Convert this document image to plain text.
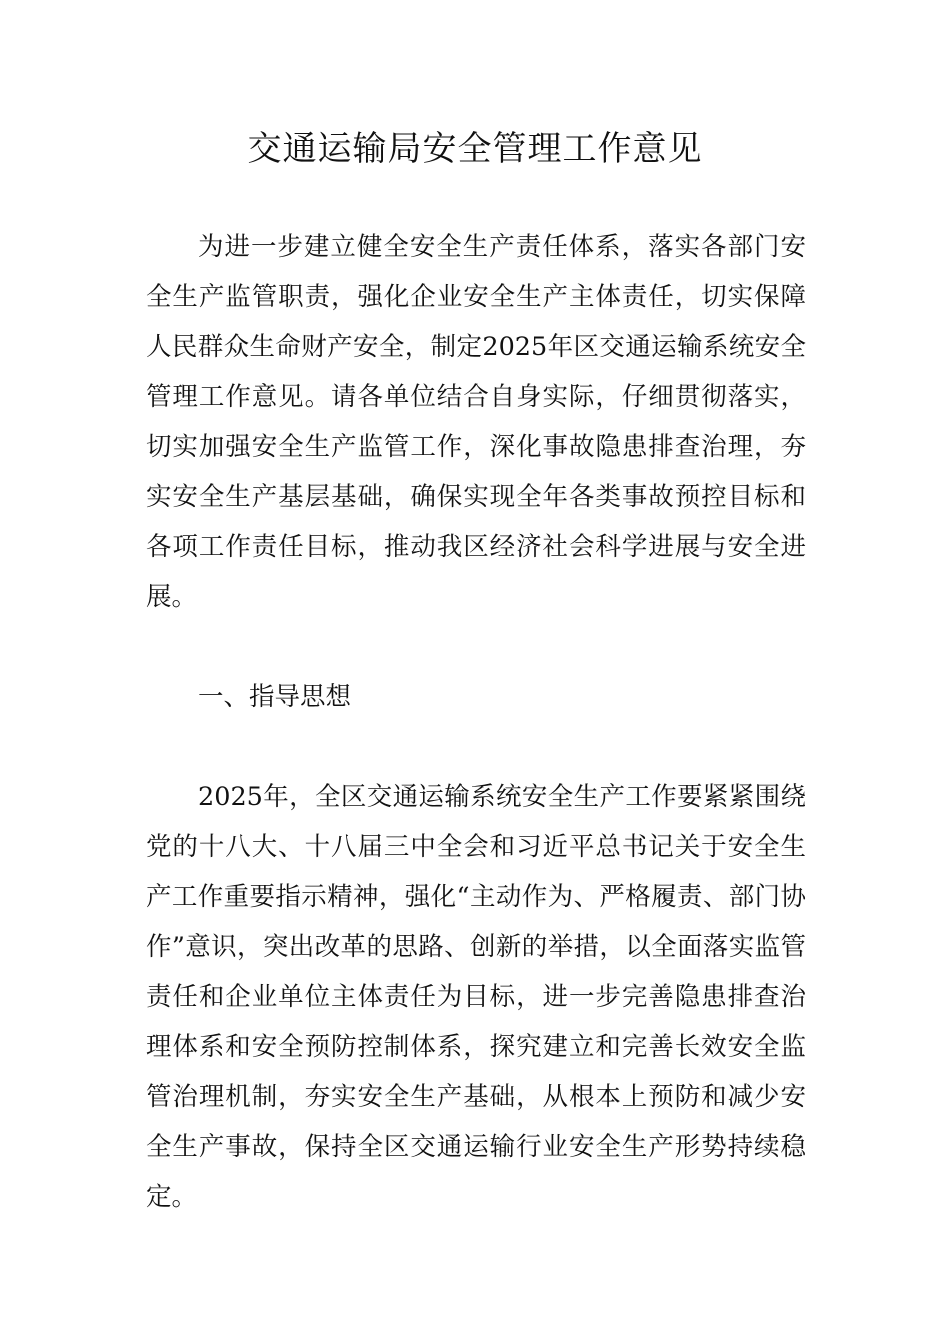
交通运输局安全管理工作意见

为进一步建立健全安全生产责任体系，落实各部门安全生产监管职责，强化企业安全生产主体责任，切实保障人民群众生命财产安全，制定2025年区交通运输系统安全管理工作意见。请各单位结合自身实际，仔细贯彻落实，切实加强安全生产监管工作，深化事故隐患排查治理，夯实安全生产基层基础，确保实现全年各类事故预控目标和各项工作责任目标，推动我区经济社会科学进展与安全进展。

一、指导思想

2025年，全区交通运输系统安全生产工作要紧紧围绕党的十八大、十八届三中全会和习近平总书记关于安全生产工作重要指示精神，强化“主动作为、严格履责、部门协作”意识，突出改革的思路、创新的举措，以全面落实监管责任和企业单位主体责任为目标，进一步完善隐患排查治理体系和安全预防控制体系，探究建立和完善长效安全监管治理机制，夯实安全生产基础，从根本上预防和减少安全生产事故，保持全区交通运输行业安全生产形势持续稳定。
